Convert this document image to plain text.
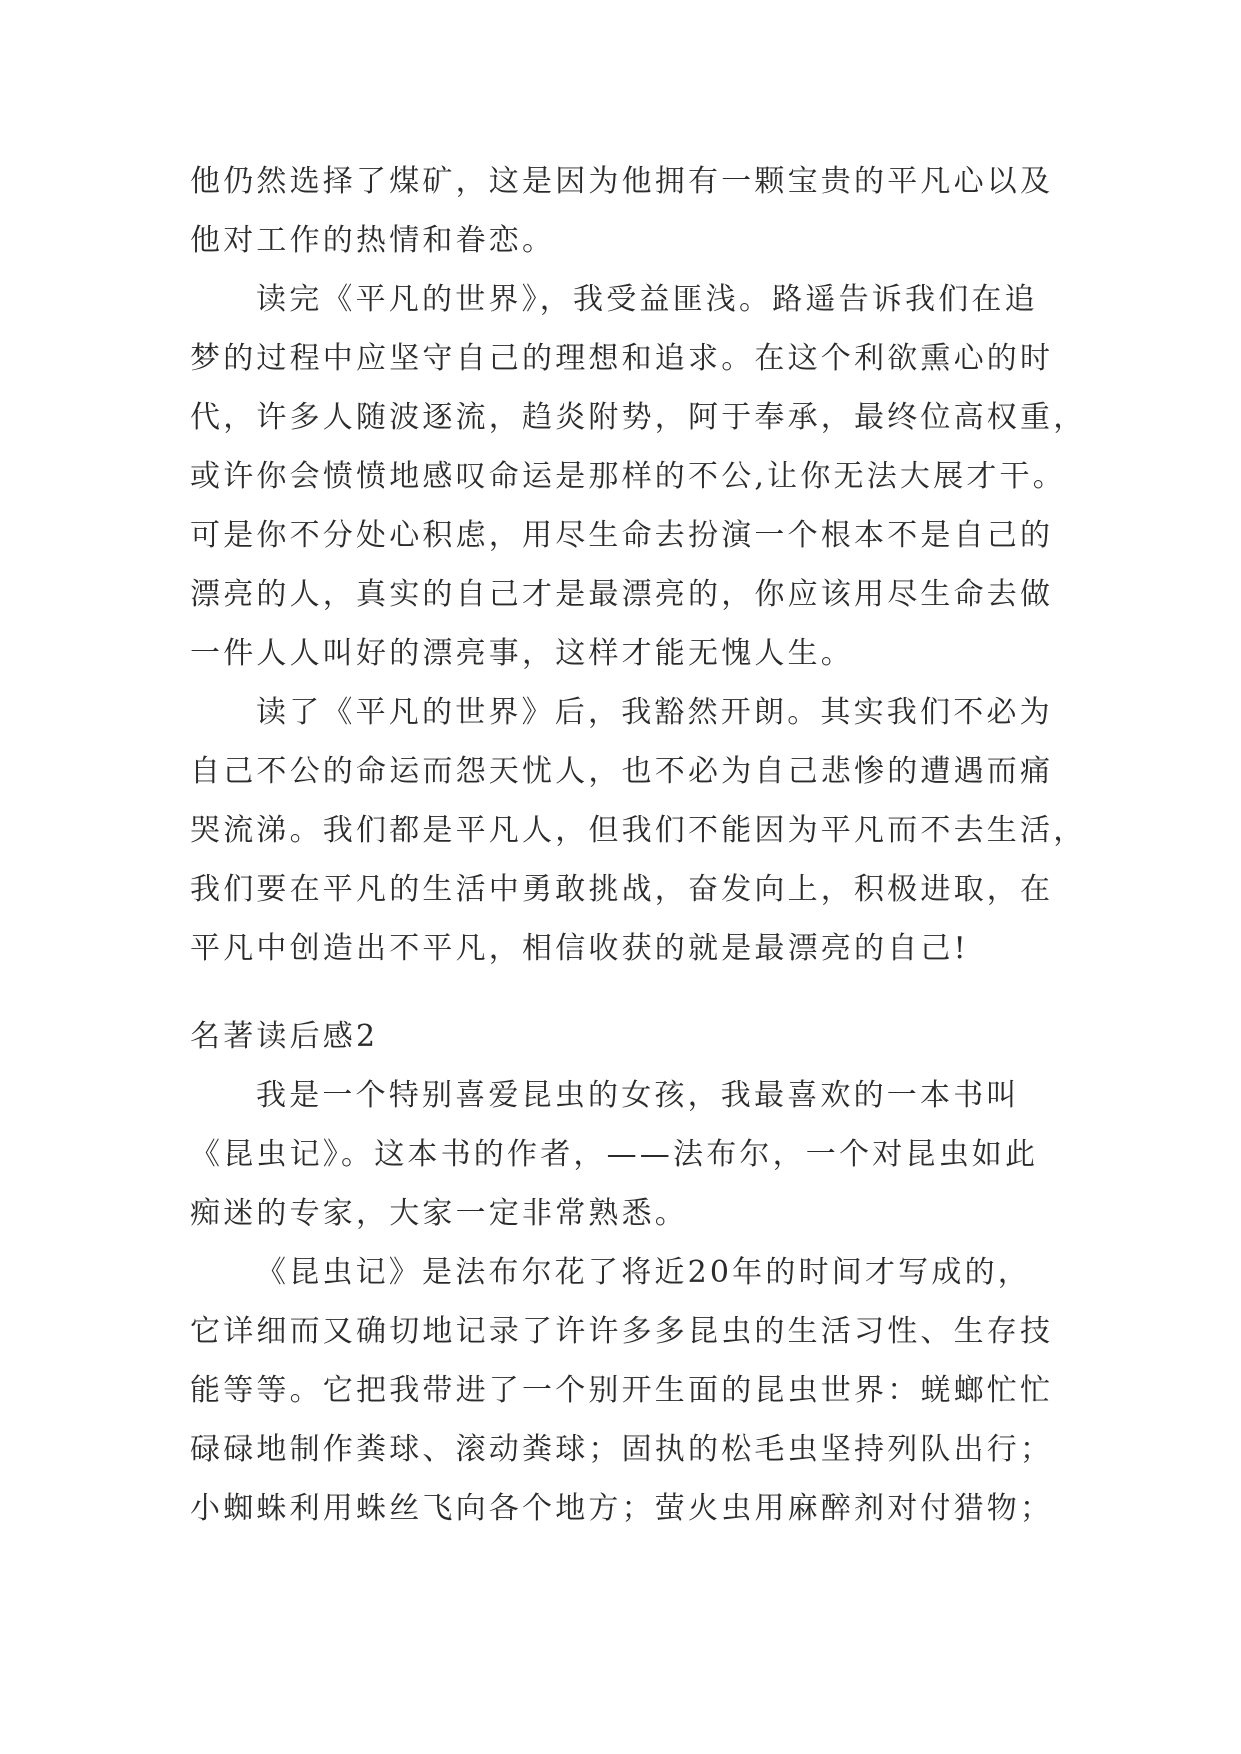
他仍然选择了煤矿，这是因为他拥有一颗宝贵的平凡心以及
他对工作的热情和眷恋。
读完《平凡的世界》，我受益匪浅。路遥告诉我们在追
梦的过程中应坚守自己的理想和追求。在这个利欲熏心的时
代，许多人随波逐流，趋炎附势，阿于奉承，最终位高权重，
或许你会愤愤地感叹命运是那样的不公,让你无法大展才干。
可是你不分处心积虑，用尽生命去扮演一个根本不是自己的
漂亮的人，真实的自己才是最漂亮的，你应该用尽生命去做
一件人人叫好的漂亮事，这样才能无愧人生。
读了《平凡的世界》后，我豁然开朗。其实我们不必为
自己不公的命运而怨天忧人，也不必为自己悲惨的遭遇而痛
哭流涕。我们都是平凡人，但我们不能因为平凡而不去生活，
我们要在平凡的生活中勇敢挑战，奋发向上，积极进取，在
平凡中创造出不平凡，相信收获的就是最漂亮的自己!
名著读后感2
我是一个特别喜爱昆虫的女孩，我最喜欢的一本书叫
《昆虫记》。这本书的作者，——法布尔，一个对昆虫如此
痴迷的专家，大家一定非常熟悉。
《昆虫记》是法布尔花了将近20年的时间才写成的，
它详细而又确切地记录了许许多多昆虫的生活习性、生存技
能等等。它把我带进了一个别开生面的昆虫世界：蜣螂忙忙
碌碌地制作粪球、滚动粪球；固执的松毛虫坚持列队出行；
小蜘蛛利用蛛丝飞向各个地方；萤火虫用麻醉剂对付猎物；
